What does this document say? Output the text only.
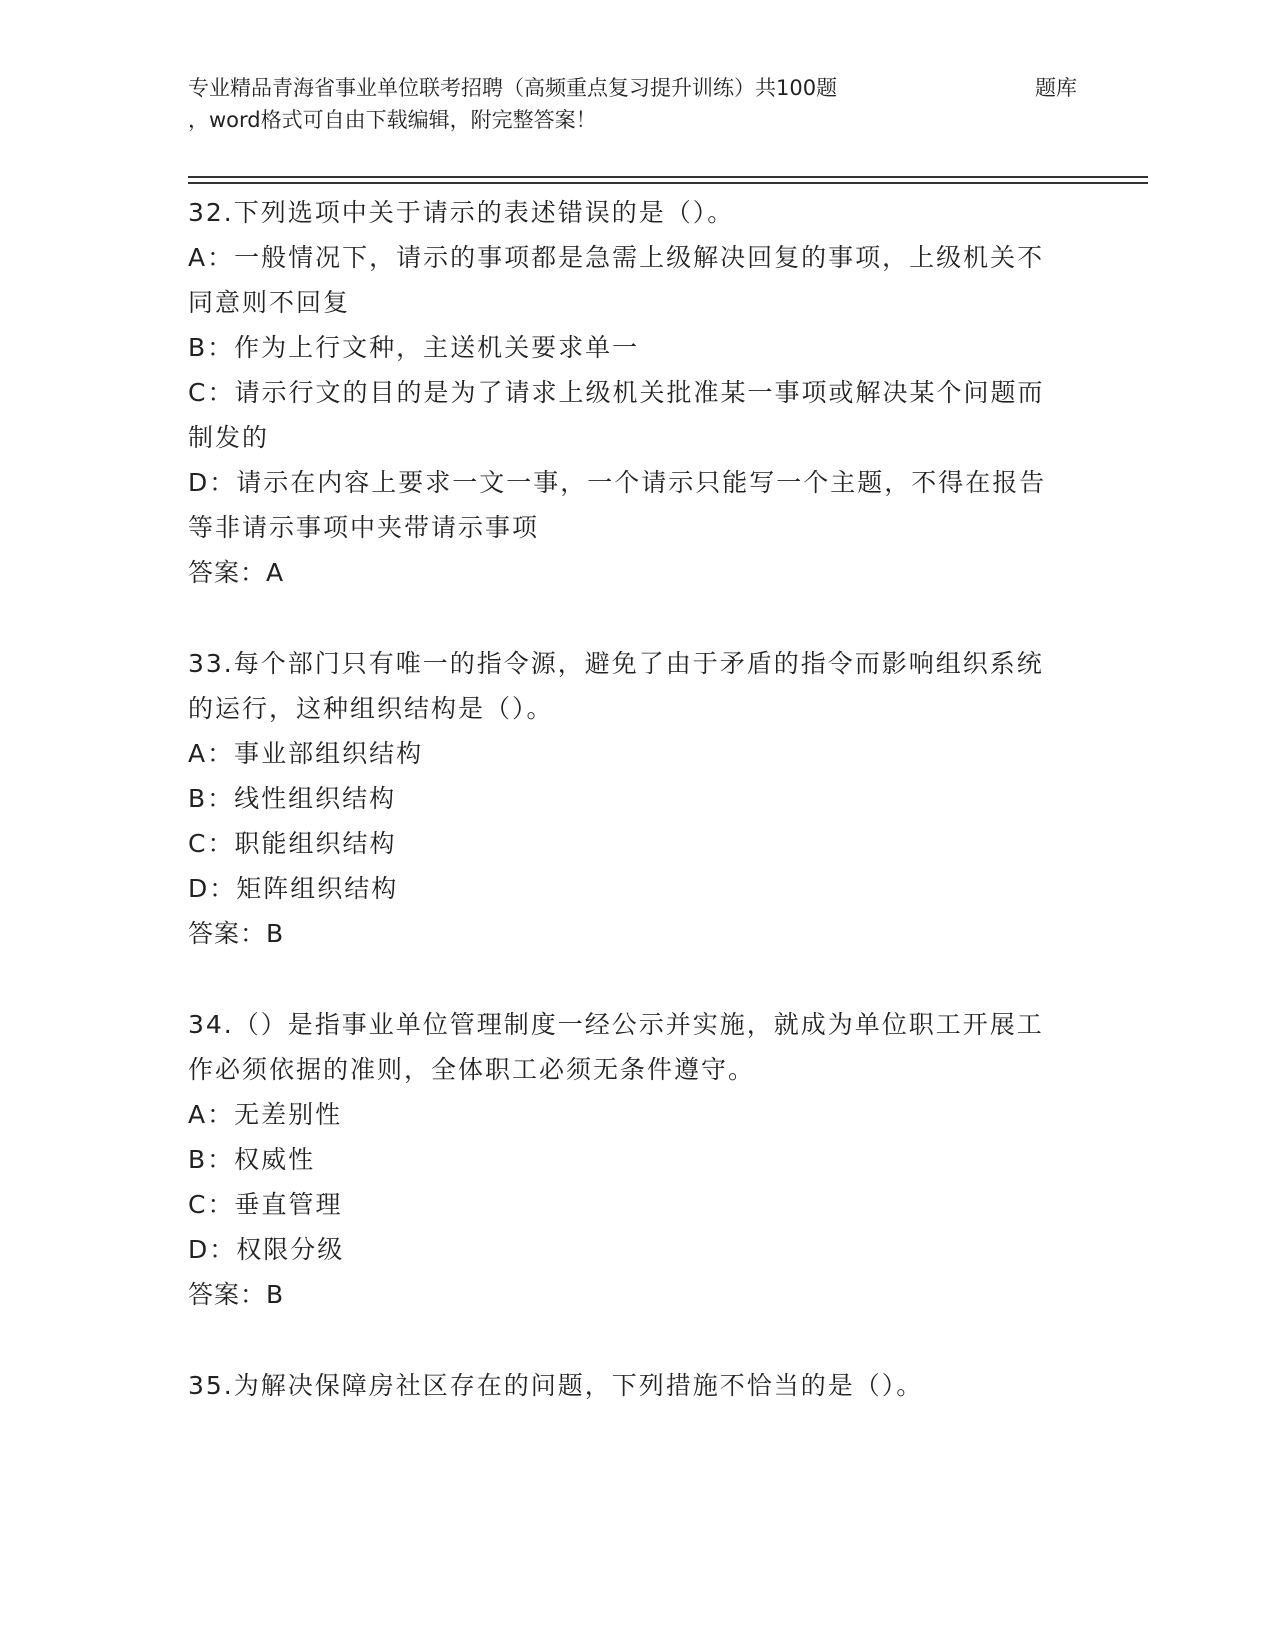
专业精品青海省事业单位联考招聘（高频重点复习提升训练）共100题	题库
，word格式可自由下载编辑，附完整答案！

32.下列选项中关于请示的表述错误的是（）。

A：一般情况下，请示的事项都是急需上级解决回复的事项，上级机关不同意则不回复

B：作为上行文种，主送机关要求单一

C：请示行文的目的是为了请求上级机关批准某一事项或解决某个问题而制发的

D：请示在内容上要求一文一事，一个请示只能写一个主题，不得在报告等非请示事项中夹带请示事项

答案：A

33.每个部门只有唯一的指令源，避免了由于矛盾的指令而影响组织系统的运行，这种组织结构是（）。

A：事业部组织结构

B：线性组织结构

C：职能组织结构

D：矩阵组织结构

答案：B

34.（）是指事业单位管理制度一经公示并实施，就成为单位职工开展工作必须依据的准则，全体职工必须无条件遵守。

A：无差别性

B：权威性

C：垂直管理

D：权限分级

答案：B

35.为解决保障房社区存在的问题，下列措施不恰当的是（）。
